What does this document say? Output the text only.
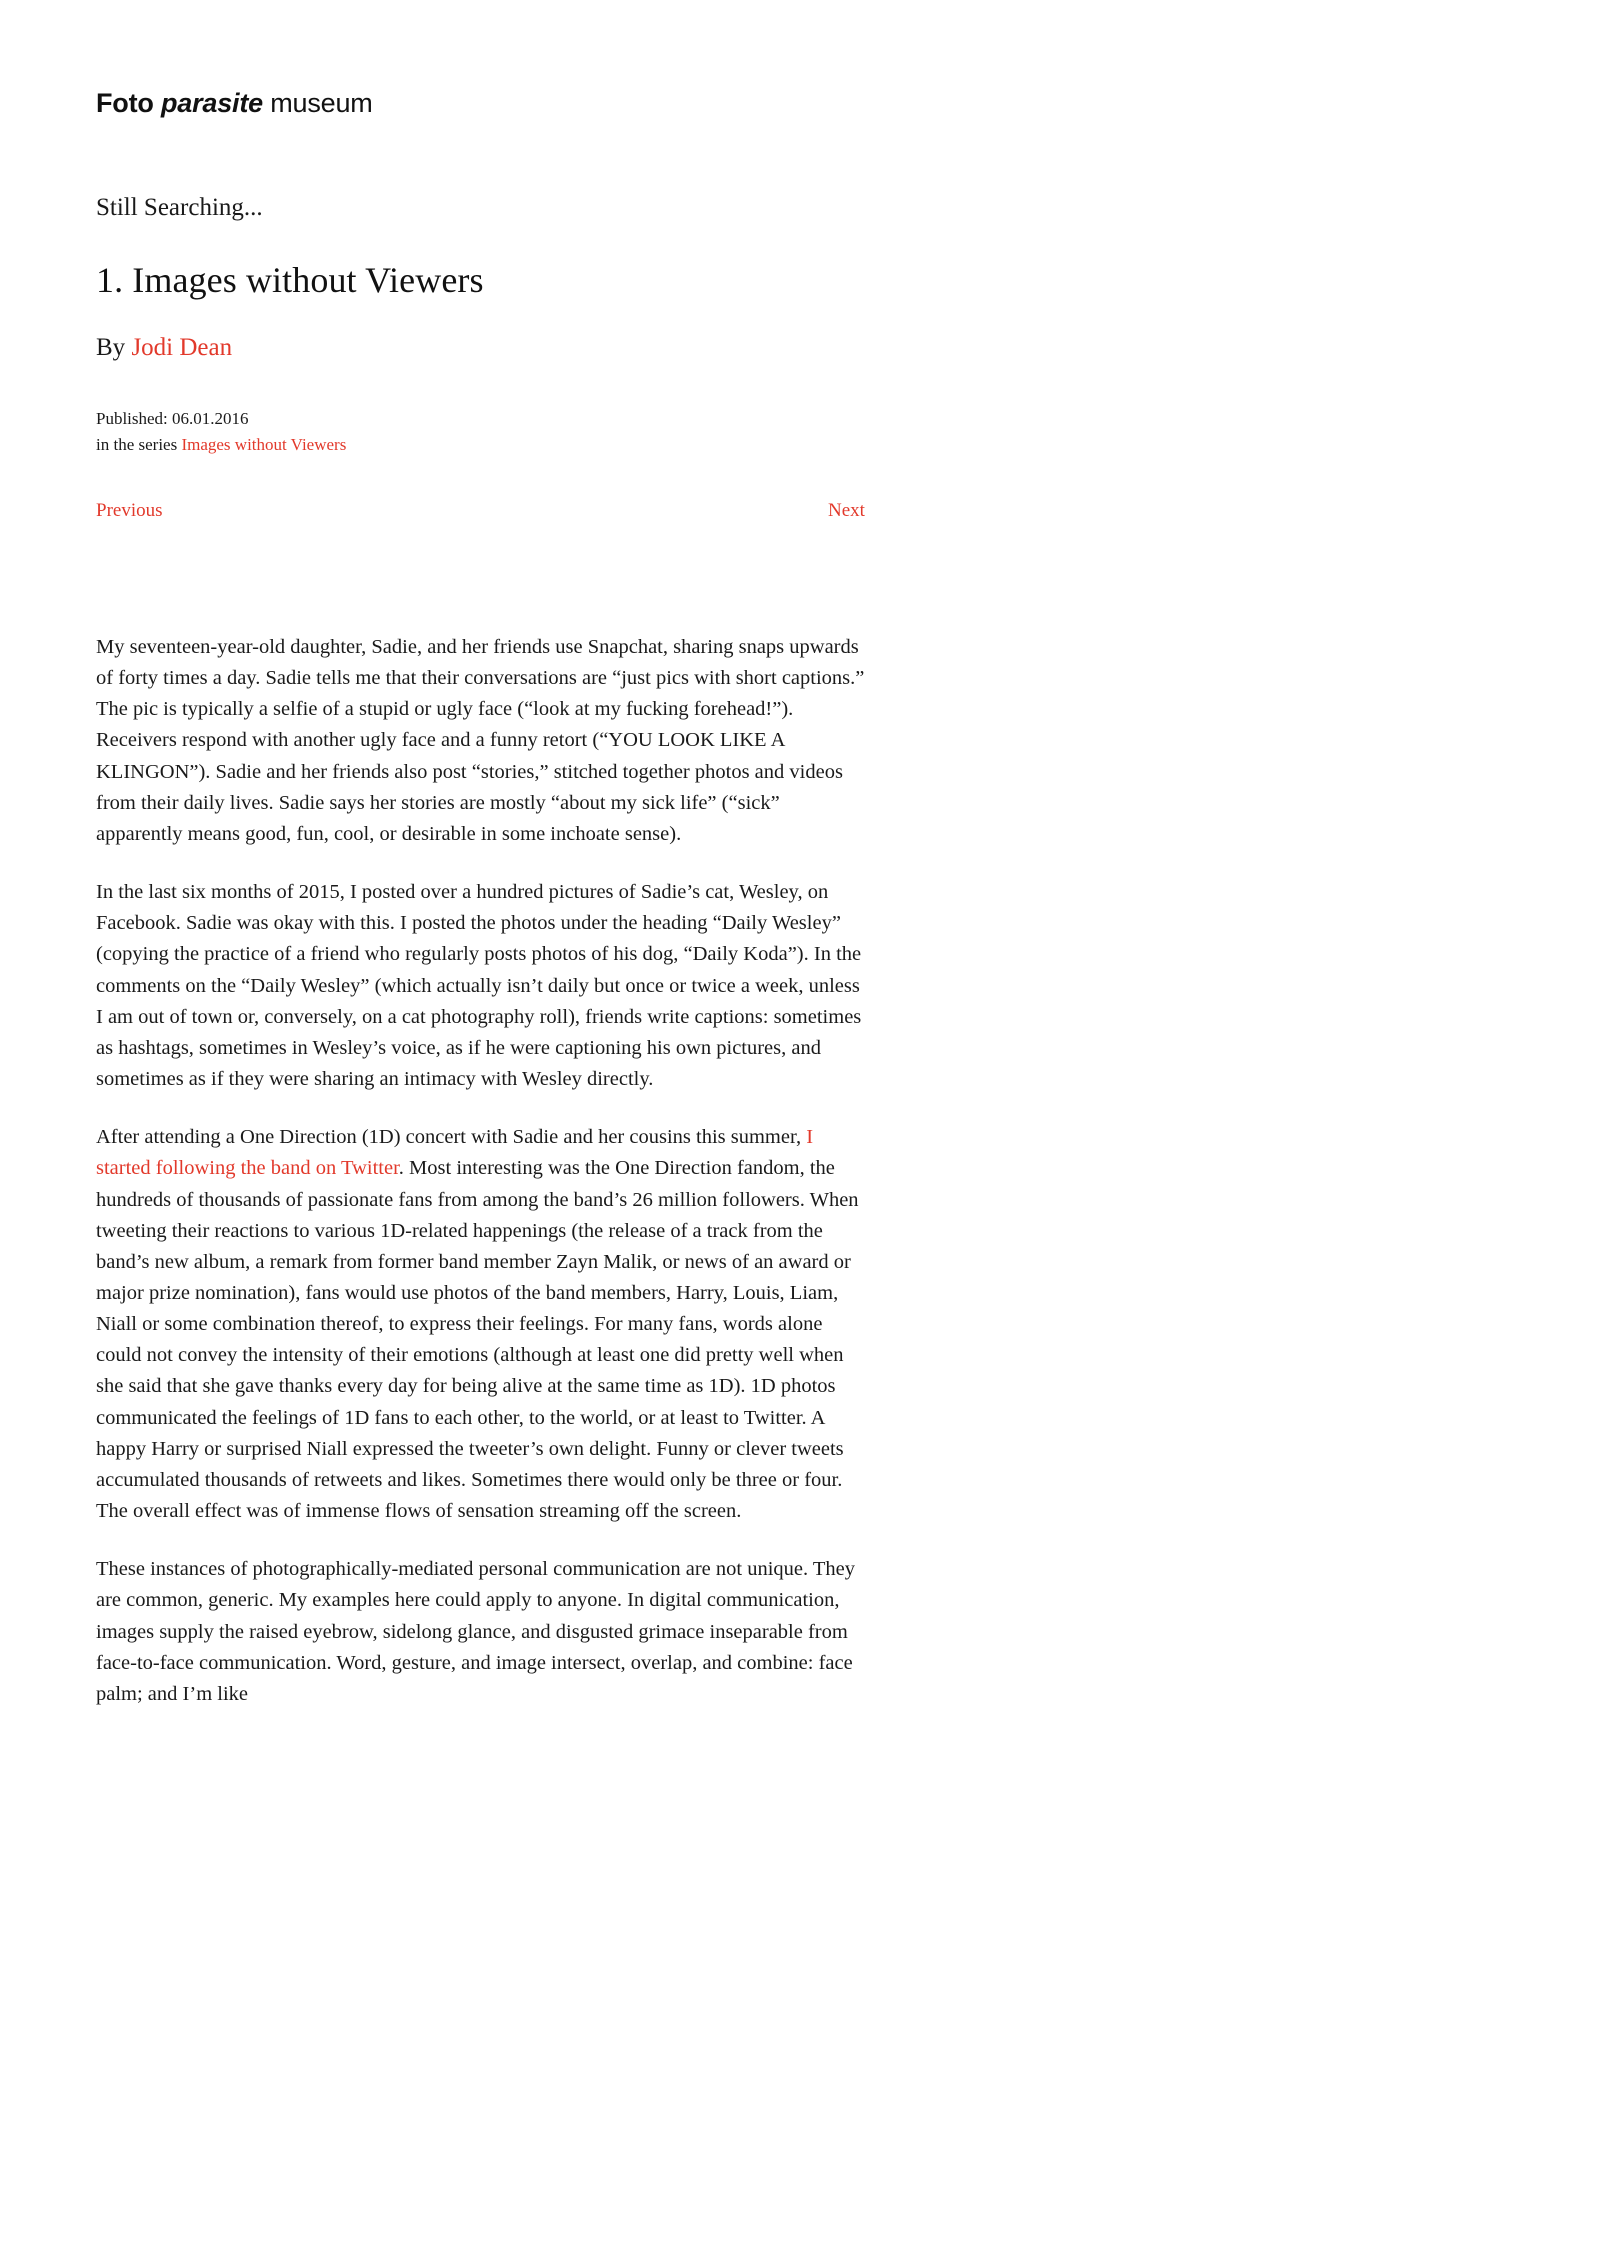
Foto parasite museum
Still Searching...
1. Images without Viewers
By Jodi Dean
Published: 06.01.2016
in the series Images without Viewers
Previous	Next

My seventeen-year-old daughter, Sadie, and her friends use Snapchat, sharing snaps upwards of forty times a day. Sadie tells me that their conversations are “just pics with short captions.” The pic is typically a selfie of a stupid or ugly face (“look at my fucking forehead!”). Receivers respond with another ugly face and a funny retort (“YOU LOOK LIKE A KLINGON”). Sadie and her friends also post “stories,” stitched together photos and videos from their daily lives. Sadie says her stories are mostly “about my sick life” (“sick” apparently means good, fun, cool, or desirable in some inchoate sense).

In the last six months of 2015, I posted over a hundred pictures of Sadie’s cat, Wesley, on Facebook. Sadie was okay with this. I posted the photos under the heading “Daily Wesley” (copying the practice of a friend who regularly posts photos of his dog, “Daily Koda”). In the comments on the “Daily Wesley” (which actually isn’t daily but once or twice a week, unless I am out of town or, conversely, on a cat photography roll), friends write captions: sometimes as hashtags, sometimes in Wesley’s voice, as if he were captioning his own pictures, and sometimes as if they were sharing an intimacy with Wesley directly.

After attending a One Direction (1D) concert with Sadie and her cousins this summer, I started following the band on Twitter. Most interesting was the One Direction fandom, the hundreds of thousands of passionate fans from among the band’s 26 million followers. When tweeting their reactions to various 1D-related happenings (the release of a track from the band’s new album, a remark from former band member Zayn Malik, or news of an award or major prize nomination), fans would use photos of the band members, Harry, Louis, Liam, Niall or some combination thereof, to express their feelings. For many fans, words alone could not convey the intensity of their emotions (although at least one did pretty well when she said that she gave thanks every day for being alive at the same time as 1D). 1D photos communicated the feelings of 1D fans to each other, to the world, or at least to Twitter. A happy Harry or surprised Niall expressed the tweeter’s own delight. Funny or clever tweets accumulated thousands of retweets and likes. Sometimes there would only be three or four. The overall effect was of immense flows of sensation streaming off the screen.

These instances of photographically-mediated personal communication are not unique. They are common, generic. My examples here could apply to anyone. In digital communication, images supply the raised eyebrow, sidelong glance, and disgusted grimace inseparable from face-to-face communication. Word, gesture, and image intersect, overlap, and combine: face palm; and I’m like
